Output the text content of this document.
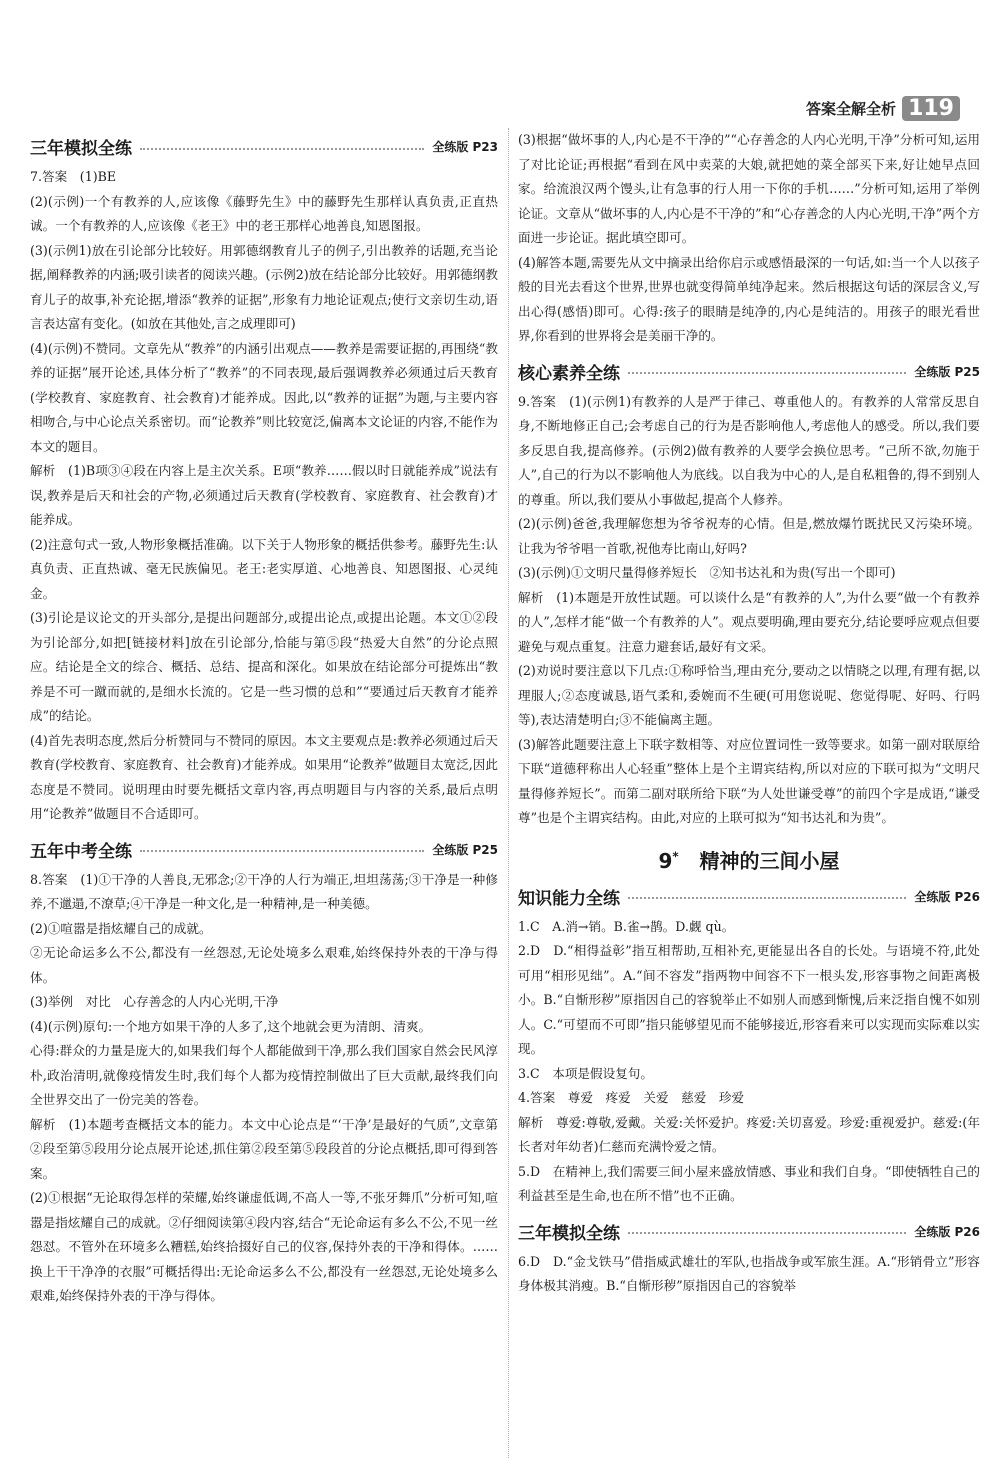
答案全解全析 119
三年模拟全练	全练版 P23

7.答案　(1)BE

(2)(示例)一个有教养的人,应该像《藤野先生》中的藤野先生那样认真负责,正直热诚。一个有教养的人,应该像《老王》中的老王那样心地善良,知恩图报。

(3)(示例1)放在引论部分比较好。用郭德纲教育儿子的例子,引出教养的话题,充当论据,阐释教养的内涵;吸引读者的阅读兴趣。(示例2)放在结论部分比较好。用郭德纲教育儿子的故事,补充论据,增添“教养的证据”,形象有力地论证观点;使行文亲切生动,语言表达富有变化。(如放在其他处,言之成理即可)

(4)(示例)不赞同。文章先从“教养”的内涵引出观点——教养是需要证据的,再围绕“教养的证据”展开论述,具体分析了“教养”的不同表现,最后强调教养必须通过后天教育(学校教育、家庭教育、社会教育)才能养成。因此,以“教养的证据”为题,与主要内容相吻合,与中心论点关系密切。而“论教养”则比较宽泛,偏离本文论证的内容,不能作为本文的题目。

解析　(1)B项③④段在内容上是主次关系。E项“教养……假以时日就能养成”说法有误,教养是后天和社会的产物,必须通过后天教育(学校教育、家庭教育、社会教育)才能养成。

(2)注意句式一致,人物形象概括准确。以下关于人物形象的概括供参考。藤野先生:认真负责、正直热诚、毫无民族偏见。老王:老实厚道、心地善良、知恩图报、心灵纯金。

(3)引论是议论文的开头部分,是提出问题部分,或提出论点,或提出论题。本文①②段为引论部分,如把[链接材料]放在引论部分,恰能与第⑤段“热爱大自然”的分论点照应。结论是全文的综合、概括、总结、提高和深化。如果放在结论部分可提炼出“教养是不可一蹴而就的,是细水长流的。它是一些习惯的总和”“要通过后天教育才能养成”的结论。

(4)首先表明态度,然后分析赞同与不赞同的原因。本文主要观点是:教养必须通过后天教育(学校教育、家庭教育、社会教育)才能养成。如果用“论教养”做题目太宽泛,因此态度是不赞同。说明理由时要先概括文章内容,再点明题目与内容的关系,最后点明用“论教养”做题目不合适即可。

五年中考全练	全练版 P25

8.答案　(1)①干净的人善良,无邪念;②干净的人行为端正,坦坦荡荡;③干净是一种修养,不邋遢,不潦草;④干净是一种文化,是一种精神,是一种美德。

(2)①喧嚣是指炫耀自己的成就。

②无论命运多么不公,都没有一丝怨怼,无论处境多么艰难,始终保持外表的干净与得体。

(3)举例　对比　心存善念的人内心光明,干净

(4)(示例)原句:一个地方如果干净的人多了,这个地就会更为清朗、清爽。

心得:群众的力量是庞大的,如果我们每个人都能做到干净,那么我们国家自然会民风淳朴,政治清明,就像疫情发生时,我们每个人都为疫情控制做出了巨大贡献,最终我们向全世界交出了一份完美的答卷。

解析　(1)本题考查概括文本的能力。本文中心论点是“‘干净’是最好的气质”,文章第②段至第⑤段用分论点展开论述,抓住第②段至第⑤段段首的分论点概括,即可得到答案。

(2)①根据“无论取得怎样的荣耀,始终谦虚低调,不高人一等,不张牙舞爪”分析可知,喧嚣是指炫耀自己的成就。②仔细阅读第④段内容,结合“无论命运有多么不公,不见一丝怨怼。不管外在环境多么糟糕,始终拾掇好自己的仪容,保持外表的干净和得体。……换上干干净净的衣服”可概括得出:无论命运多么不公,都没有一丝怨怼,无论处境多么艰难,始终保持外表的干净与得体。

(3)根据“做坏事的人,内心是不干净的”“心存善念的人内心光明,干净”分析可知,运用了对比论证;再根据“看到在风中卖菜的大娘,就把她的菜全部买下来,好让她早点回家。给流浪汉两个馒头,让有急事的行人用一下你的手机……”分析可知,运用了举例论证。文章从“做坏事的人,内心是不干净的”和“心存善念的人内心光明,干净”两个方面进一步论证。据此填空即可。

(4)解答本题,需要先从文中摘录出给你启示或感悟最深的一句话,如:当一个人以孩子般的目光去看这个世界,世界也就变得简单纯净起来。然后根据这句话的深层含义,写出心得(感悟)即可。心得:孩子的眼睛是纯净的,内心是纯洁的。用孩子的眼光看世界,你看到的世界将会是美丽干净的。

核心素养全练	全练版 P25

9.答案　(1)(示例1)有教养的人是严于律己、尊重他人的。有教养的人常常反思自身,不断地修正自己;会考虑自己的行为是否影响他人,考虑他人的感受。所以,我们要多反思自我,提高修养。(示例2)做有教养的人要学会换位思考。“己所不欲,勿施于人”,自己的行为以不影响他人为底线。以自我为中心的人,是自私粗鲁的,得不到别人的尊重。所以,我们要从小事做起,提高个人修养。

(2)(示例)爸爸,我理解您想为爷爷祝寿的心情。但是,燃放爆竹既扰民又污染环境。让我为爷爷唱一首歌,祝他寿比南山,好吗?

(3)(示例)①文明尺量得修养短长　②知书达礼和为贵(写出一个即可)

解析　(1)本题是开放性试题。可以谈什么是“有教养的人”,为什么要“做一个有教养的人”,怎样才能“做一个有教养的人”。观点要明确,理由要充分,结论要呼应观点但要避免与观点重复。注意力避套话,最好有文采。

(2)劝说时要注意以下几点:①称呼恰当,理由充分,要动之以情晓之以理,有理有据,以理服人;②态度诚恳,语气柔和,委婉而不生硬(可用您说呢、您觉得呢、好吗、行吗等),表达清楚明白;③不能偏离主题。

(3)解答此题要注意上下联字数相等、对应位置词性一致等要求。如第一副对联原给下联“道德秤称出人心轻重”整体上是个主谓宾结构,所以对应的下联可拟为“文明尺量得修养短长”。而第二副对联所给下联“为人处世谦受尊”的前四个字是成语,“谦受尊”也是个主谓宾结构。由此,对应的上联可拟为“知书达礼和为贵”。

9* 精神的三间小屋
知识能力全练	全练版 P26

1.C　A.消→销。B.雀→鹊。D.觑 qù。

2.D　D.“相得益彰”指互相帮助,互相补充,更能显出各自的长处。与语境不符,此处可用“相形见绌”。A.“间不容发”指两物中间容不下一根头发,形容事物之间距离极小。B.“自惭形秽”原指因自己的容貌举止不如别人而感到惭愧,后来泛指自愧不如别人。C.“可望而不可即”指只能够望见而不能够接近,形容看来可以实现而实际难以实现。

3.C　本项是假设复句。

4.答案　尊爱　疼爱　关爱　慈爱　珍爱

解析　尊爱:尊敬,爱戴。关爱:关怀爱护。疼爱:关切喜爱。珍爱:重视爱护。慈爱:(年长者对年幼者)仁慈而充满怜爱之情。

5.D　在精神上,我们需要三间小屋来盛放情感、事业和我们自身。“即使牺牲自己的利益甚至是生命,也在所不惜”也不正确。

三年模拟全练	全练版 P26

6.D　D.“金戈铁马”借指威武雄壮的军队,也指战争或军旅生涯。A.“形销骨立”形容身体极其消瘦。B.“自惭形秽”原指因自己的容貌举
